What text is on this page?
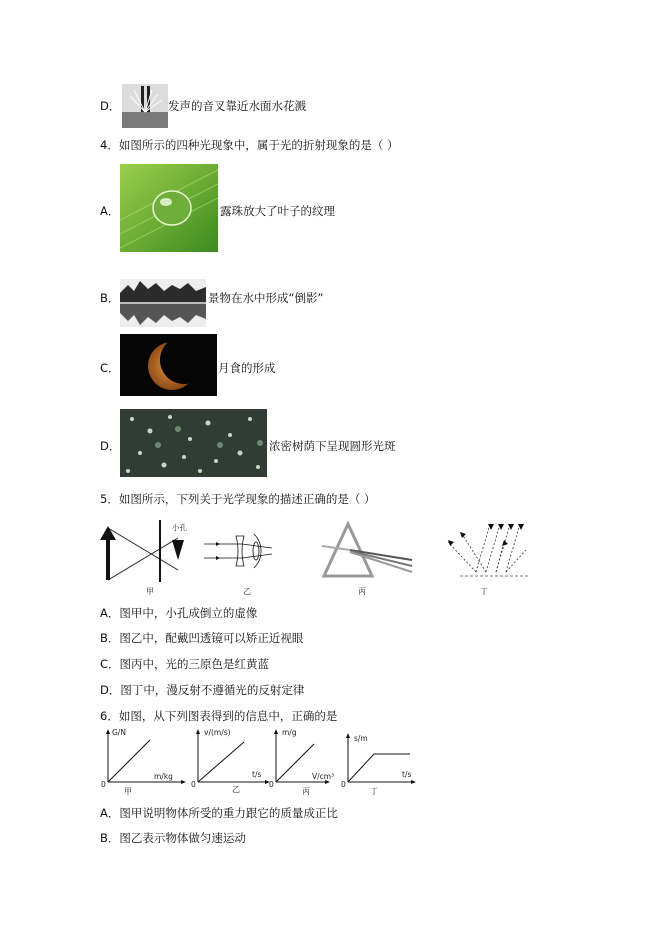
D．	发声的音叉靠近水面水花溅
4．如图所示的四种光现象中，属于光的折射现象的是（ ）
A．	露珠放大了叶子的纹理
B．	景物在水中形成“倒影”
C．	月食的形成
D．	浓密树荫下呈现圆形光斑
5．如图所示，下列关于光学现象的描述正确的是（ ）
小孔
甲	乙	丙	丁
A．图甲中，小孔成倒立的虚像
B．图乙中，配戴凹透镜可以矫正近视眼
C．图丙中，光的三原色是红黄蓝
D．图丁中，漫反射不遵循光的反射定律
6．如图，从下列图表得到的信息中，正确的是
G/N
m/kg
0
甲
v/(m/s)
t/s
0
乙
m/g
V/cm³
0
丙
s/m
t/s
0
丁
A．图甲说明物体所受的重力跟它的质量成正比
B．图乙表示物体做匀速运动
